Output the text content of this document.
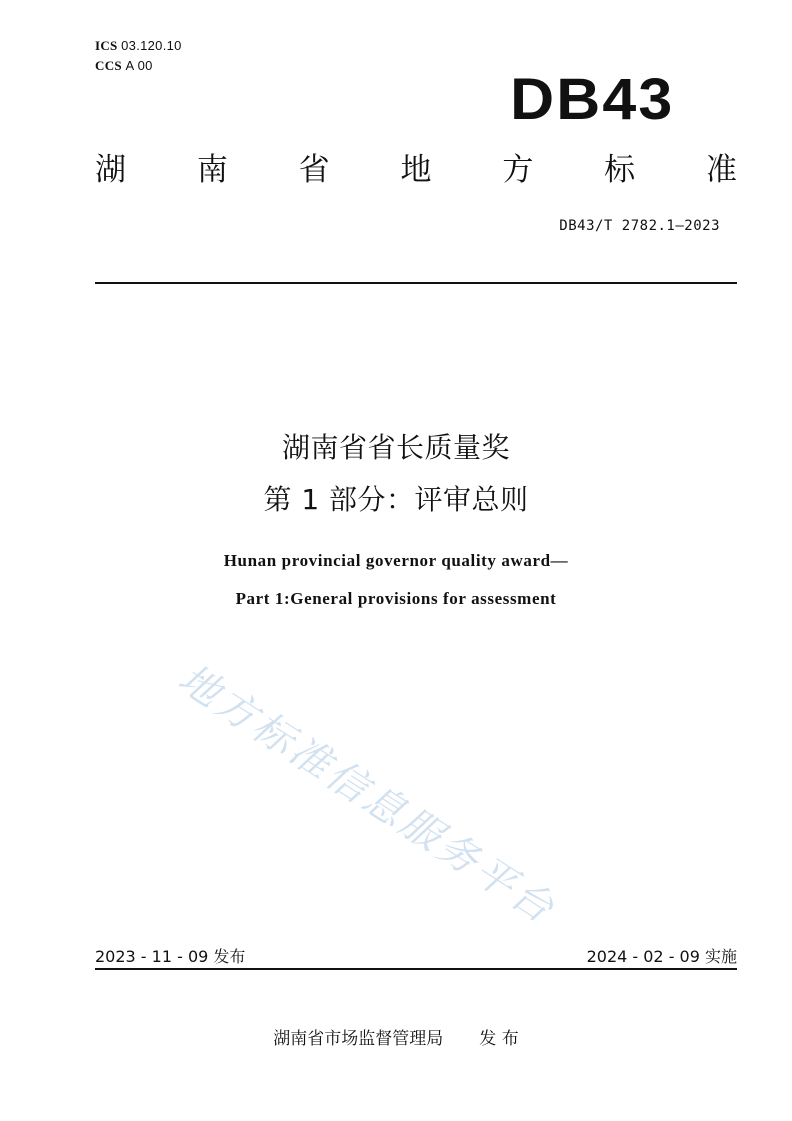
ICS 03.120.10
CCS A 00
DB43
湖 南 省 地 方 标 准
DB43/T 2782.1—2023
湖南省省长质量奖
第 1 部分：评审总则
Hunan provincial governor quality award—
Part 1:General provisions for assessment
地方标准信息服务平台
2023 - 11 - 09 发布	2024 - 02 - 09 实施
湖南省市场监督管理局 发 布
